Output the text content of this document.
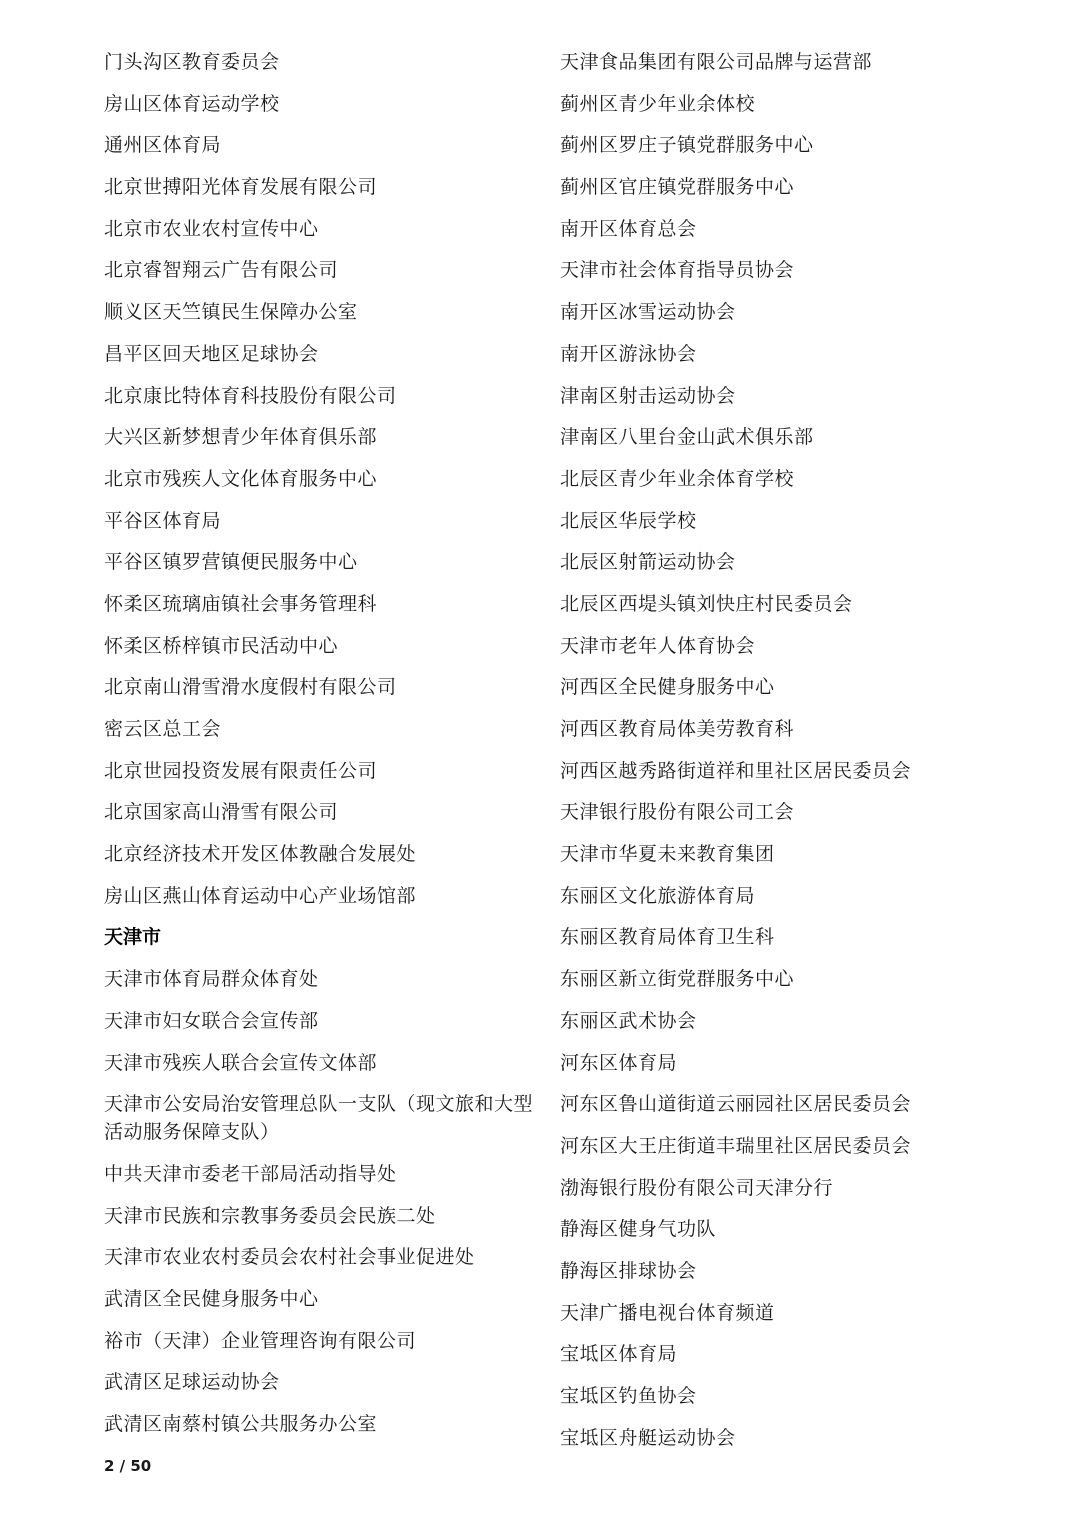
门头沟区教育委员会
房山区体育运动学校
通州区体育局
北京世搏阳光体育发展有限公司
北京市农业农村宣传中心
北京睿智翔云广告有限公司
顺义区天竺镇民生保障办公室
昌平区回天地区足球协会
北京康比特体育科技股份有限公司
大兴区新梦想青少年体育俱乐部
北京市残疾人文化体育服务中心
平谷区体育局
平谷区镇罗营镇便民服务中心
怀柔区琉璃庙镇社会事务管理科
怀柔区桥梓镇市民活动中心
北京南山滑雪滑水度假村有限公司
密云区总工会
北京世园投资发展有限责任公司
北京国家高山滑雪有限公司
北京经济技术开发区体教融合发展处
房山区燕山体育运动中心产业场馆部
天津市
天津市体育局群众体育处
天津市妇女联合会宣传部
天津市残疾人联合会宣传文体部
天津市公安局治安管理总队一支队（现文旅和大型活动服务保障支队）
中共天津市委老干部局活动指导处
天津市民族和宗教事务委员会民族二处
天津市农业农村委员会农村社会事业促进处
武清区全民健身服务中心
裕市（天津）企业管理咨询有限公司
武清区足球运动协会
武清区南蔡村镇公共服务办公室
天津食品集团有限公司品牌与运营部
蓟州区青少年业余体校
蓟州区罗庄子镇党群服务中心
蓟州区官庄镇党群服务中心
南开区体育总会
天津市社会体育指导员协会
南开区冰雪运动协会
南开区游泳协会
津南区射击运动协会
津南区八里台金山武术俱乐部
北辰区青少年业余体育学校
北辰区华辰学校
北辰区射箭运动协会
北辰区西堤头镇刘快庄村民委员会
天津市老年人体育协会
河西区全民健身服务中心
河西区教育局体美劳教育科
河西区越秀路街道祥和里社区居民委员会
天津银行股份有限公司工会
天津市华夏未来教育集团
东丽区文化旅游体育局
东丽区教育局体育卫生科
东丽区新立街党群服务中心
东丽区武术协会
河东区体育局
河东区鲁山道街道云丽园社区居民委员会
河东区大王庄街道丰瑞里社区居民委员会
渤海银行股份有限公司天津分行
静海区健身气功队
静海区排球协会
天津广播电视台体育频道
宝坻区体育局
宝坻区钓鱼协会
宝坻区舟艇运动协会
2 / 50
